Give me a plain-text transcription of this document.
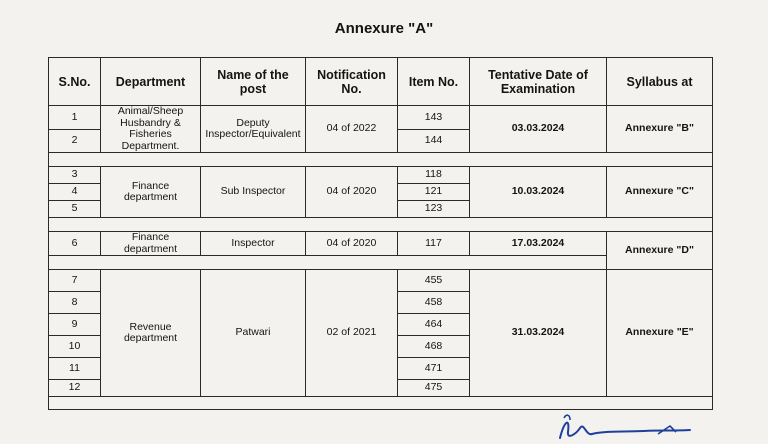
Annexure "A"
S.No.	Department	Name of the post	Notification No.	Item No.	Tentative Date of Examination	Syllabus at
1	Animal/Sheep Husbandry & Fisheries Department.	Deputy Inspector/Equivalent	04 of 2022	143	03.03.2024	Annexure "B"
2				144		

3	Finance department	Sub Inspector	04 of 2020	118	10.03.2024	Annexure "C"
4				121		
5				123		

6	Finance department	Inspector	04 of 2020	117	17.03.2024	Annexure "D"

7	Revenue department	Patwari	02 of 2021	455	31.03.2024	Annexure "E"
8				458		
9				464		
10				468		
11				471		
12				475		
